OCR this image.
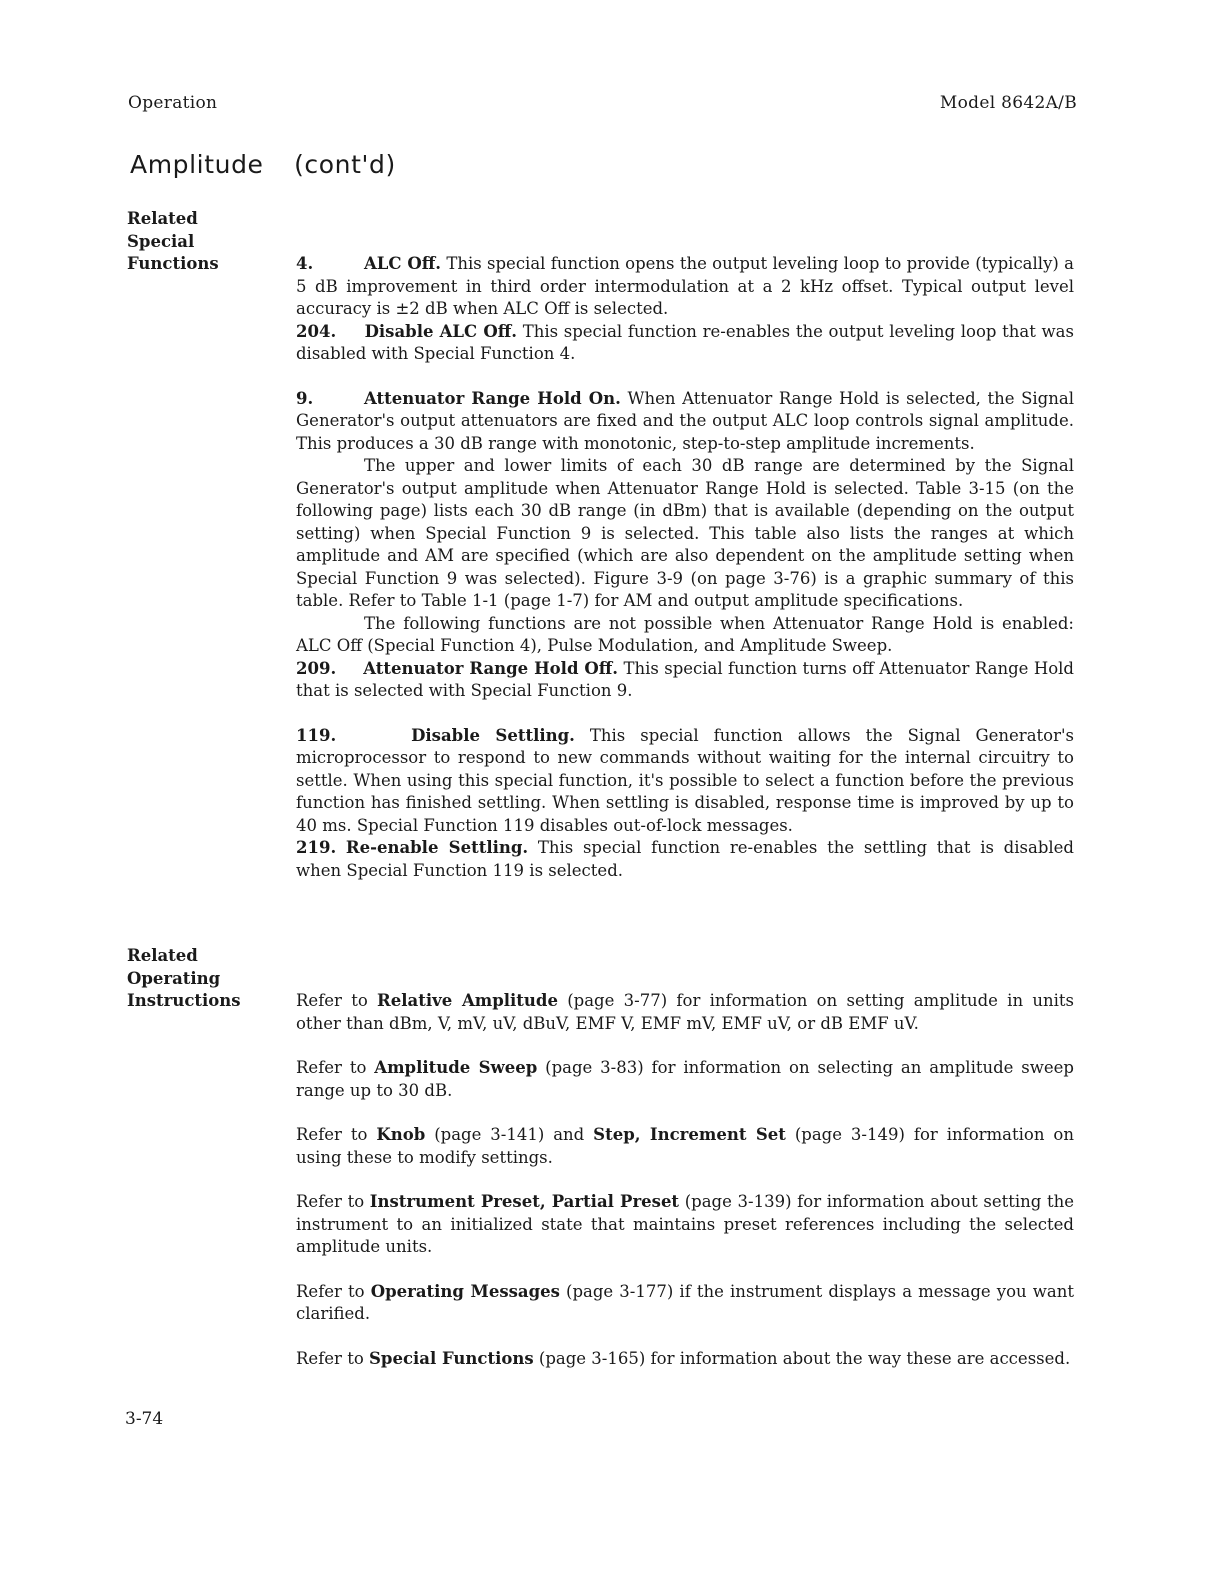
Operation	Model 8642A/B
Amplitude (cont'd)
Related
Special
Functions	4.	ALC Off. This special function opens the output leveling loop to provide (typically) a 5 dB improvement in third order intermodulation at a 2 kHz offset. Typical output level accuracy is ±2 dB when ALC Off is selected.

204. Disable ALC Off. This special function re-enables the output leveling loop that was disabled with Special Function 4.

9.	Attenuator Range Hold On. When Attenuator Range Hold is selected, the Signal Generator's output attenuators are fixed and the output ALC loop controls signal amplitude. This produces a 30 dB range with monotonic, step-to-step amplitude increments.

The upper and lower limits of each 30 dB range are determined by the Signal Generator's output amplitude when Attenuator Range Hold is selected. Table 3-15 (on the following page) lists each 30 dB range (in dBm) that is available (depending on the output setting) when Special Function 9 is selected. This table also lists the ranges at which amplitude and AM are specified (which are also dependent on the amplitude setting when Special Function 9 was selected). Figure 3-9 (on page 3-76) is a graphic summary of this table. Refer to Table 1-1 (page 1-7) for AM and output amplitude specifications.

The following functions are not possible when Attenuator Range Hold is enabled: ALC Off (Special Function 4), Pulse Modulation, and Amplitude Sweep.

209. Attenuator Range Hold Off. This special function turns off Attenuator Range Hold that is selected with Special Function 9.

119.	Disable Settling. This special function allows the Signal Generator's microprocessor to respond to new commands without waiting for the internal circuitry to settle. When using this special function, it's possible to select a function before the previous function has finished settling. When settling is disabled, response time is improved by up to 40 ms. Special Function 119 disables out-of-lock messages.

219. Re-enable Settling. This special function re-enables the settling that is disabled when Special Function 119 is selected.

Related
Operating
Instructions	Refer to Relative Amplitude (page 3-77) for information on setting amplitude in units other than dBm, V, mV, uV, dBuV, EMF V, EMF mV, EMF uV, or dB EMF uV.

Refer to Amplitude Sweep (page 3-83) for information on selecting an amplitude sweep range up to 30 dB.

Refer to Knob (page 3-141) and Step, Increment Set (page 3-149) for information on using these to modify settings.

Refer to Instrument Preset, Partial Preset (page 3-139) for information about setting the instrument to an initialized state that maintains preset references including the selected amplitude units.

Refer to Operating Messages (page 3-177) if the instrument displays a message you want clarified.

Refer to Special Functions (page 3-165) for information about the way these are accessed.

3-74
